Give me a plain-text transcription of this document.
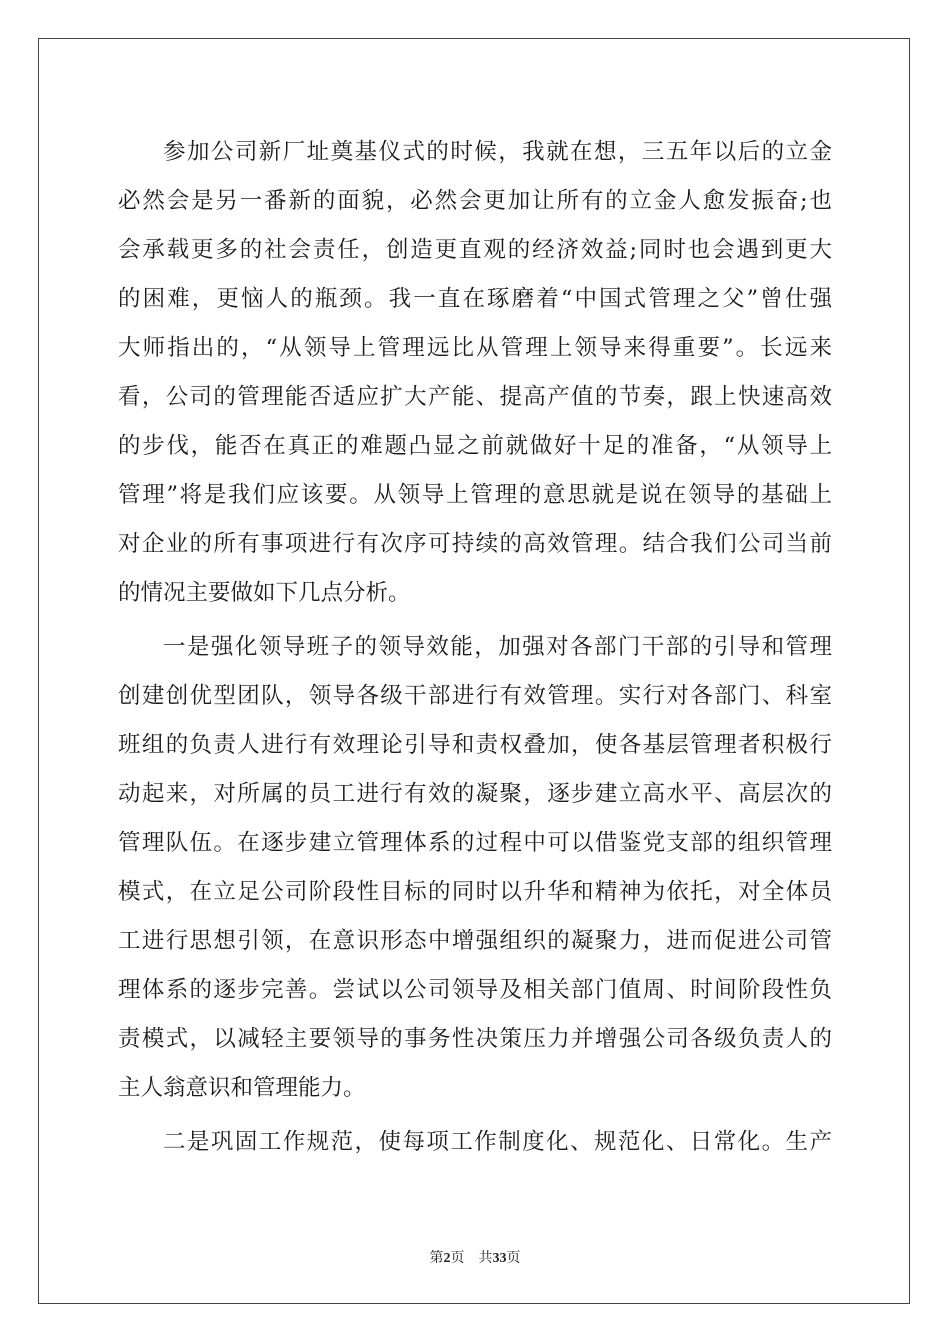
参加公司新厂址奠基仪式的时候，我就在想，三五年以后的立金
必然会是另一番新的面貌，必然会更加让所有的立金人愈发振奋;也
会承载更多的社会责任，创造更直观的经济效益;同时也会遇到更大
的困难，更恼人的瓶颈。我一直在琢磨着“中国式管理之父”曾仕强
大师指出的，“从领导上管理远比从管理上领导来得重要”。长远来
看，公司的管理能否适应扩大产能、提高产值的节奏，跟上快速高效
的步伐，能否在真正的难题凸显之前就做好十足的准备，“从领导上
管理”将是我们应该要。从领导上管理的意思就是说在领导的基础上
对企业的所有事项进行有次序可持续的高效管理。结合我们公司当前
的情况主要做如下几点分析。
一是强化领导班子的领导效能，加强对各部门干部的引导和管理
创建创优型团队，领导各级干部进行有效管理。实行对各部门、科室
班组的负责人进行有效理论引导和责权叠加，使各基层管理者积极行
动起来，对所属的员工进行有效的凝聚，逐步建立高水平、高层次的
管理队伍。在逐步建立管理体系的过程中可以借鉴党支部的组织管理
模式，在立足公司阶段性目标的同时以升华和精神为依托，对全体员
工进行思想引领，在意识形态中增强组织的凝聚力，进而促进公司管
理体系的逐步完善。尝试以公司领导及相关部门值周、时间阶段性负
责模式，以减轻主要领导的事务性决策压力并增强公司各级负责人的
主人翁意识和管理能力。
二是巩固工作规范，使每项工作制度化、规范化、日常化。生产
第2页 共33页
